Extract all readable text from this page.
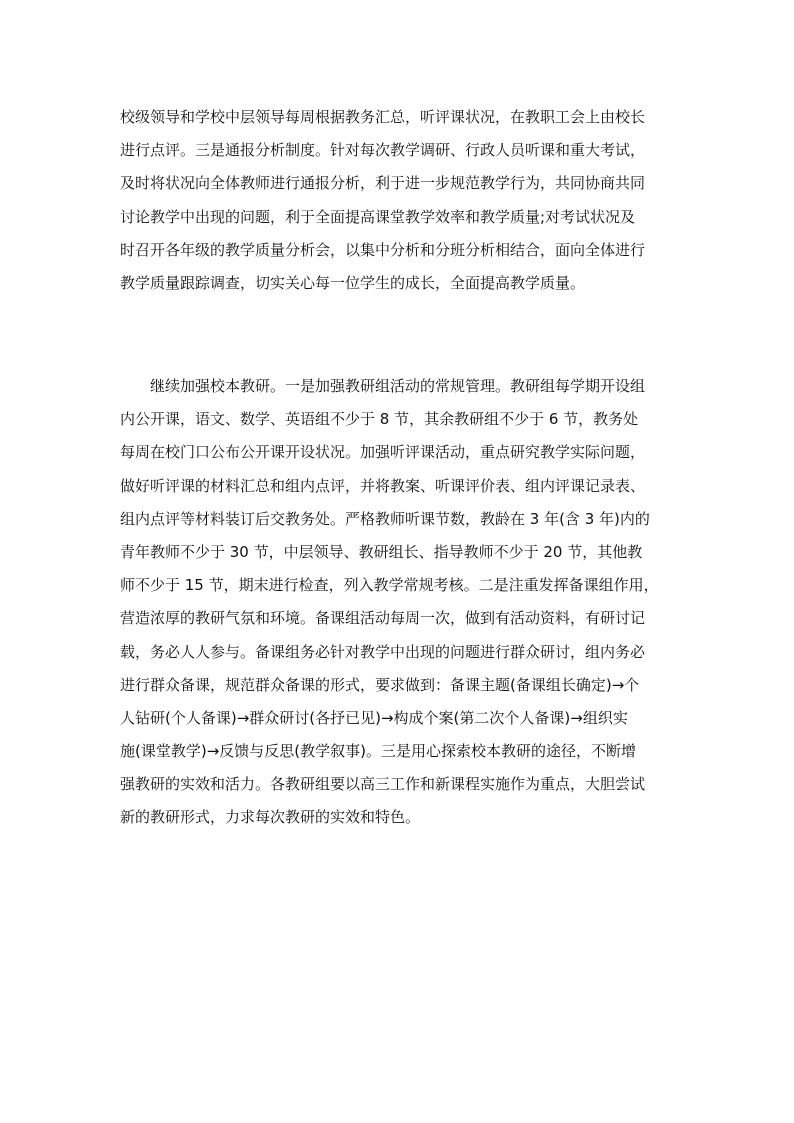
校级领导和学校中层领导每周根据教务汇总，听评课状况，在教职工会上由校长
进行点评。三是通报分析制度。针对每次教学调研、行政人员听课和重大考试，
及时将状况向全体教师进行通报分析，利于进一步规范教学行为，共同协商共同
讨论教学中出现的问题，利于全面提高课堂教学效率和教学质量;对考试状况及
时召开各年级的教学质量分析会，以集中分析和分班分析相结合，面向全体进行
教学质量跟踪调查，切实关心每一位学生的成长，全面提高教学质量。
继续加强校本教研。一是加强教研组活动的常规管理。教研组每学期开设组
内公开课，语文、数学、英语组不少于 8 节，其余教研组不少于 6 节，教务处
每周在校门口公布公开课开设状况。加强听评课活动，重点研究教学实际问题，
做好听评课的材料汇总和组内点评，并将教案、听课评价表、组内评课记录表、
组内点评等材料装订后交教务处。严格教师听课节数，教龄在 3 年(含 3 年)内的
青年教师不少于 30 节，中层领导、教研组长、指导教师不少于 20 节，其他教
师不少于 15 节，期末进行检查，列入教学常规考核。二是注重发挥备课组作用，
营造浓厚的教研气氛和环境。备课组活动每周一次，做到有活动资料，有研讨记
载，务必人人参与。备课组务必针对教学中出现的问题进行群众研讨，组内务必
进行群众备课，规范群众备课的形式，要求做到：备课主题(备课组长确定)→个
人钻研(个人备课)→群众研讨(各抒已见)→构成个案(第二次个人备课)→组织实
施(课堂教学)→反馈与反思(教学叙事)。三是用心探索校本教研的途径，不断增
强教研的实效和活力。各教研组要以高三工作和新课程实施作为重点，大胆尝试
新的教研形式，力求每次教研的实效和特色。
